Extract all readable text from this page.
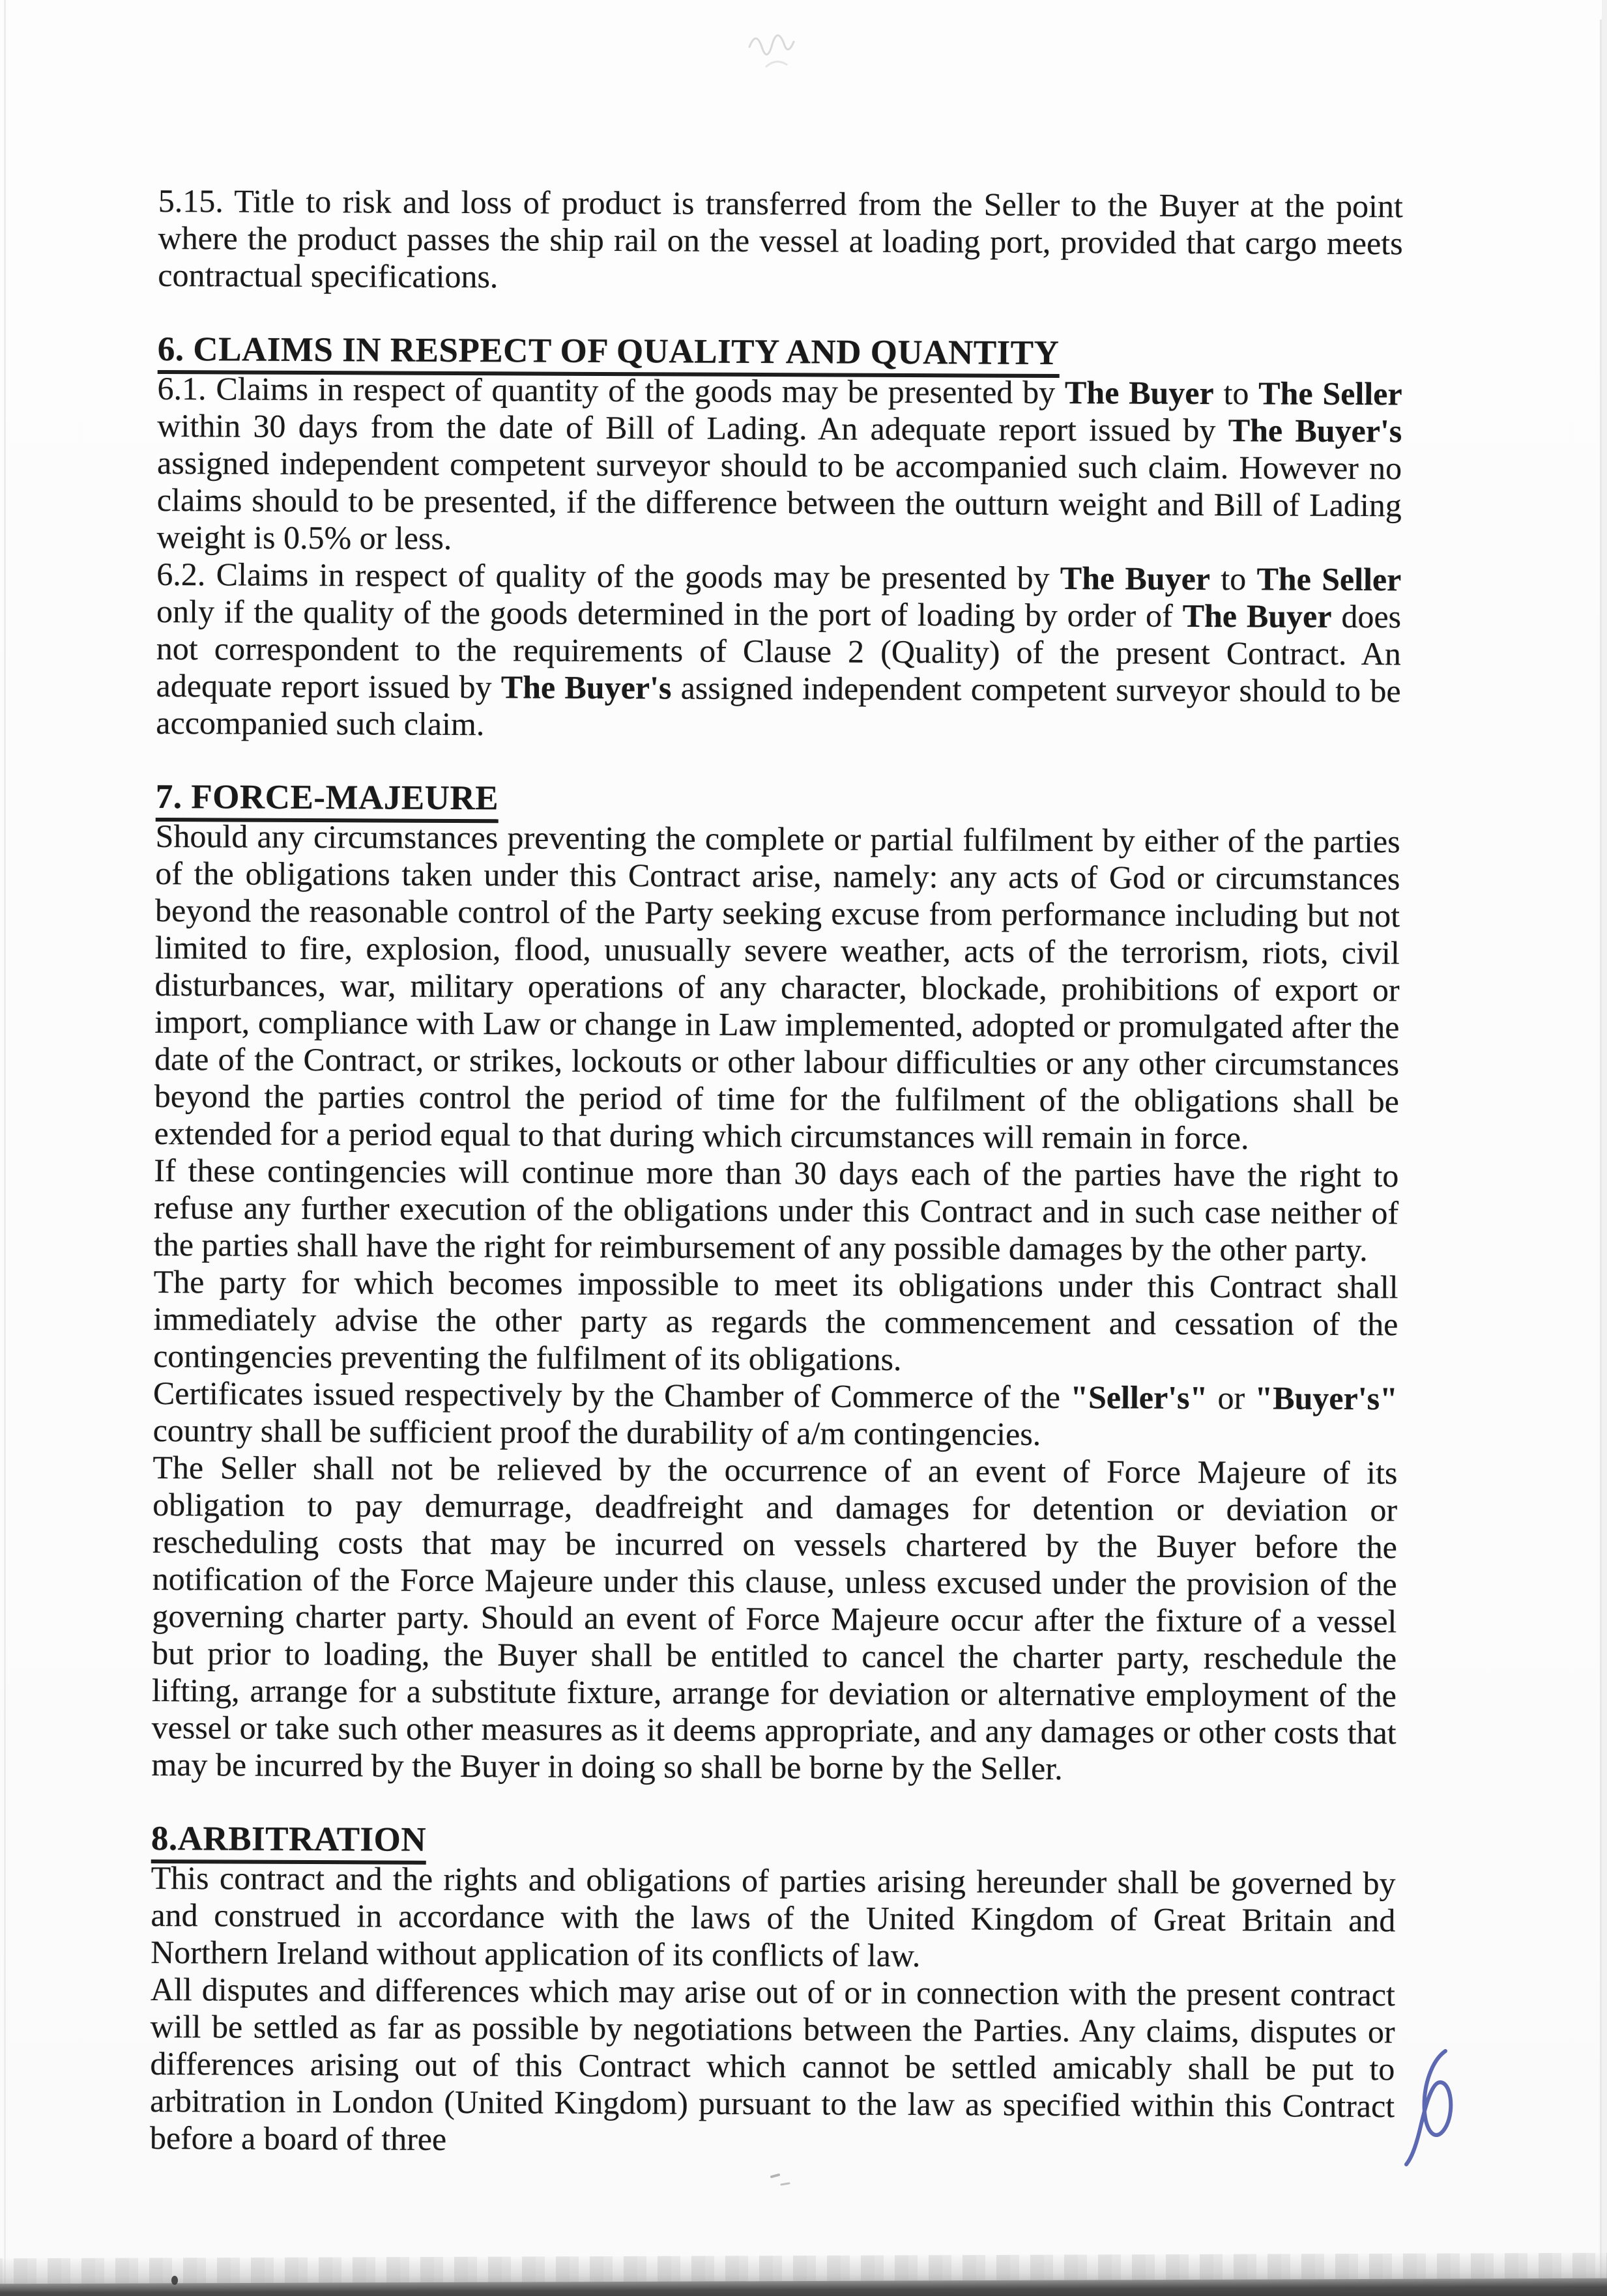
5.15. Title to risk and loss of product is transferred from the Seller to the Buyer at the point where the product passes the ship rail on the vessel at loading port, provided that cargo meets contractual specifications.

6. CLAIMS IN RESPECT OF QUALITY AND QUANTITY

6.1. Claims in respect of quantity of the goods may be presented by The Buyer to The Seller within 30 days from the date of Bill of Lading. An adequate report issued by The Buyer's assigned independent competent surveyor should to be accompanied such claim. However no claims should to be presented, if the difference between the outturn weight and Bill of Lading weight is 0.5% or less.

6.2. Claims in respect of quality of the goods may be presented by The Buyer to The Seller only if the quality of the goods determined in the port of loading by order of The Buyer does not correspondent to the requirements of Clause 2 (Quality) of the present Contract. An adequate report issued by The Buyer's assigned independent competent surveyor should to be accompanied such claim.

7. FORCE-MAJEURE

Should any circumstances preventing the complete or partial fulfilment by either of the parties of the obligations taken under this Contract arise, namely: any acts of God or circumstances beyond the reasonable control of the Party seeking excuse from performance including but not limited to fire, explosion, flood, unusually severe weather, acts of the terrorism, riots, civil disturbances, war, military operations of any character, blockade, prohibitions of export or import, compliance with Law or change in Law implemented, adopted or promulgated after the date of the Contract, or strikes, lockouts or other labour difficulties or any other circumstances beyond the parties control the period of time for the fulfilment of the obligations shall be extended for a period equal to that during which circumstances will remain in force.

If these contingencies will continue more than 30 days each of the parties have the right to refuse any further execution of the obligations under this Contract and in such case neither of the parties shall have the right for reimbursement of any possible damages by the other party.

The party for which becomes impossible to meet its obligations under this Contract shall immediately advise the other party as regards the commencement and cessation of the contingencies preventing the fulfilment of its obligations.

Certificates issued respectively by the Chamber of Commerce of the "Seller's" or "Buyer's" country shall be sufficient proof the durability of a/m contingencies.

The Seller shall not be relieved by the occurrence of an event of Force Majeure of its obligation to pay demurrage, deadfreight and damages for detention or deviation or rescheduling costs that may be incurred on vessels chartered by the Buyer before the notification of the Force Majeure under this clause, unless excused under the provision of the governing charter party. Should an event of Force Majeure occur after the fixture of a vessel but prior to loading, the Buyer shall be entitled to cancel the charter party, reschedule the lifting, arrange for a substitute fixture, arrange for deviation or alternative employment of the vessel or take such other measures as it deems appropriate, and any damages or other costs that may be incurred by the Buyer in doing so shall be borne by the Seller.

8.ARBITRATION

This contract and the rights and obligations of parties arising hereunder shall be governed by and construed in accordance with the laws of the United Kingdom of Great Britain and Northern Ireland without application of its conflicts of law.

All disputes and differences which may arise out of or in connection with the present contract will be settled as far as possible by negotiations between the Parties. Any claims, disputes or differences arising out of this Contract which cannot be settled amicably shall be put to arbitration in London (United Kingdom) pursuant to the law as specified within this Contract before a board of three
